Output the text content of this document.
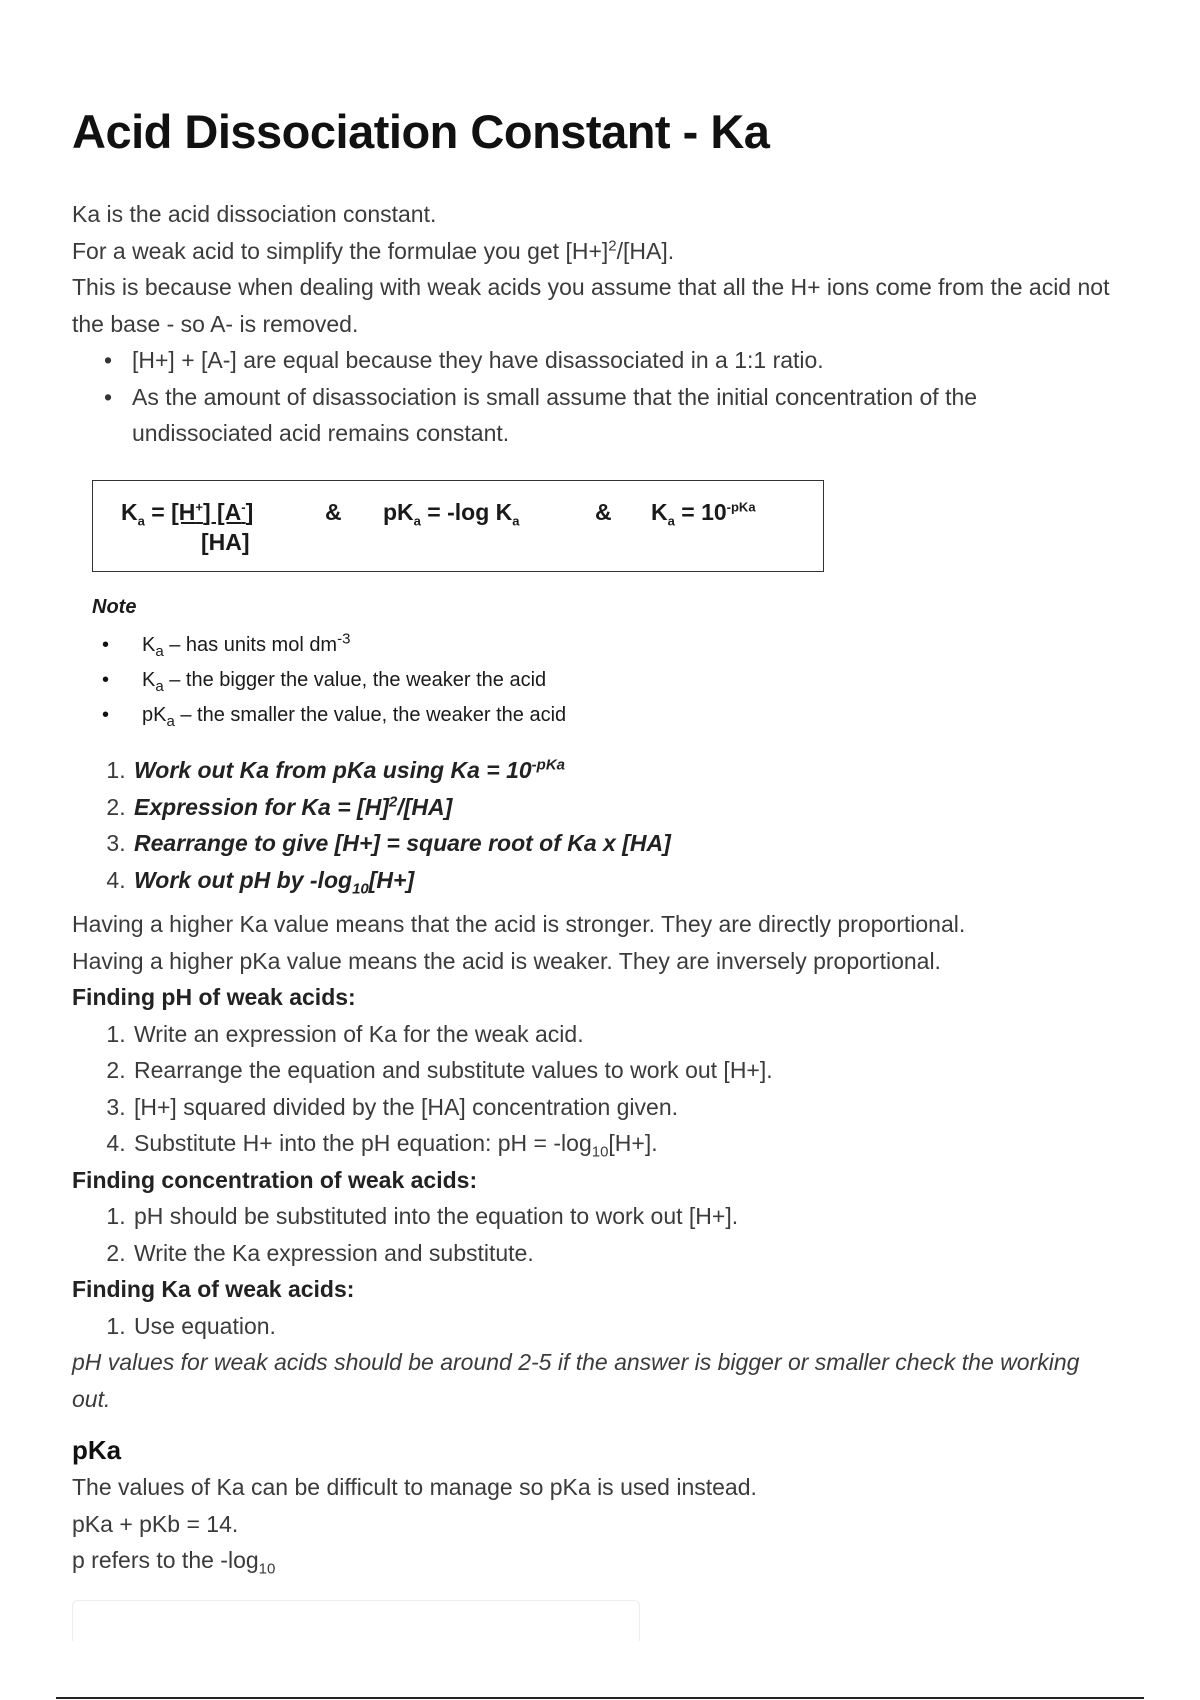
Acid Dissociation Constant - Ka

Ka is the acid dissociation constant.

For a weak acid to simplify the formulae you get $[H+]^2/[HA]$.

This is because when dealing with weak acids you assume that all the H+ ions come from the acid not the base - so A- is removed.

• [H+] + [A-] are equal because they have disassociated in a 1:1 ratio.
• As the amount of disassociation is small assume that the initial concentration of the undissociated acid remains constant.
$K_a = [H^+]$ [A-]
[HA]
& $pK_a = -\log$ $K_a$	& $K_a = 10^{-pKa}$

Note

• $K_a$ – has units mol $dm^{-3}$
• $K_a$ – the bigger the value, the weaker the acid
• $pK_a$ – the smaller the value, the weaker the acid
1. Work out Ka from pKa using $Ka = 10^{-pKa}$
2. Expression for $Ka = [H]^2/[HA]$
3. Rearrange to give [H+] = square root of Ka x [HA]
4. Work out pH by $-\log_{10}[H+]$

Having a higher Ka value means that the acid is stronger. They are directly proportional.

Having a higher pKa value means the acid is weaker. They are inversely proportional.

Finding pH of weak acids:

1. Write an expression of Ka for the weak acid.
2. Rearrange the equation and substitute values to work out [H+].
3. [H+] squared divided by the [HA] concentration given.
4. Substitute H+ into the pH equation: pH = $-\log_{10}[H+]$.

Finding concentration of weak acids:

1. pH should be substituted into the equation to work out [H+].
2. Write the Ka expression and substitute.

Finding Ka of weak acids:

1. Use equation.

pH values for weak acids should be around 2-5 if the answer is bigger or smaller check the working out.

pKa

The values of Ka can be difficult to manage so pKa is used instead.

pKa + pKb = 14.

p refers to the $-\log_{10}$
